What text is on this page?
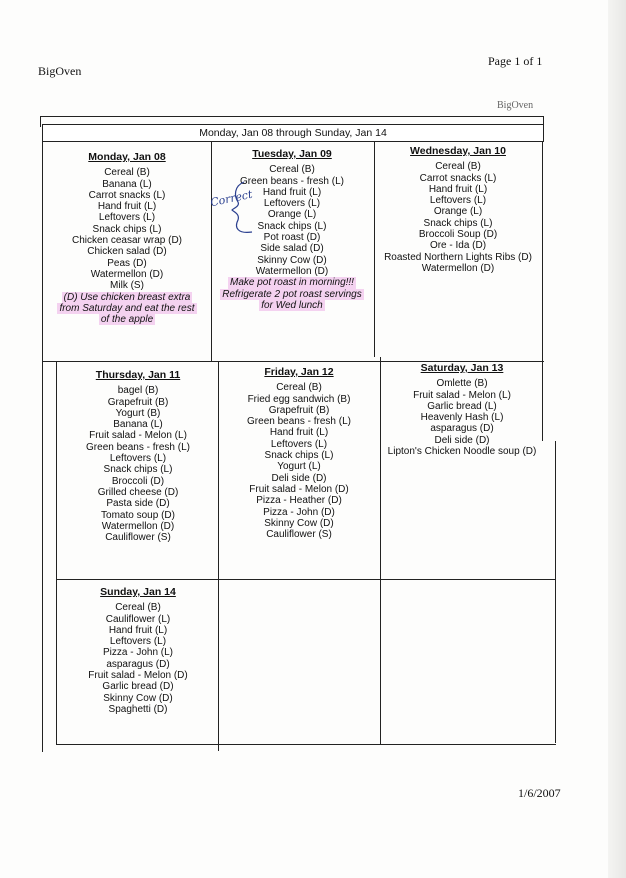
BigOven
Page 1 of 1
BigOven
Monday, Jan 08 through Sunday, Jan 14
Monday, Jan 08
Cereal (B)
Banana (L)
Carrot snacks (L)
Hand fruit (L)
Leftovers (L)
Snack chips (L)
Chicken ceasar wrap (D)
Chicken salad (D)
Peas (D)
Watermellon (D)
Milk (S)
(D) Use chicken breast extra
from Saturday and eat the rest
of the apple
Tuesday, Jan 09
Cereal (B)
Green beans - fresh (L)
Hand fruit (L)
Leftovers (L)
Orange (L)
Snack chips (L)
Pot roast (D)
Side salad (D)
Skinny Cow (D)
Watermellon (D)
Make pot roast in morning!!!
Refrigerate 2 pot roast servings
for Wed lunch
Wednesday, Jan 10
Cereal (B)
Carrot snacks (L)
Hand fruit (L)
Leftovers (L)
Orange (L)
Snack chips (L)
Broccoli Soup (D)
Ore - Ida (D)
Roasted Northern Lights Ribs (D)
Watermellon (D)
Thursday, Jan 11
bagel (B)
Grapefruit (B)
Yogurt (B)
Banana (L)
Fruit salad - Melon (L)
Green beans - fresh (L)
Leftovers (L)
Snack chips (L)
Broccoli (D)
Grilled cheese (D)
Pasta side (D)
Tomato soup (D)
Watermellon (D)
Cauliflower (S)
Friday, Jan 12
Cereal (B)
Fried egg sandwich (B)
Grapefruit (B)
Green beans - fresh (L)
Hand fruit (L)
Leftovers (L)
Snack chips (L)
Yogurt (L)
Deli side (D)
Fruit salad - Melon (D)
Pizza - Heather (D)
Pizza - John (D)
Skinny Cow (D)
Cauliflower (S)
Saturday, Jan 13
Omlette (B)
Fruit salad - Melon (L)
Garlic bread (L)
Heavenly Hash (L)
asparagus (D)
Deli side (D)
Lipton's Chicken Noodle soup (D)
Sunday, Jan 14
Cereal (B)
Cauliflower (L)
Hand fruit (L)
Leftovers (L)
Pizza - John (L)
asparagus (D)
Fruit salad - Melon (D)
Garlic bread (D)
Skinny Cow (D)
Spaghetti (D)
Correct
1/6/2007
